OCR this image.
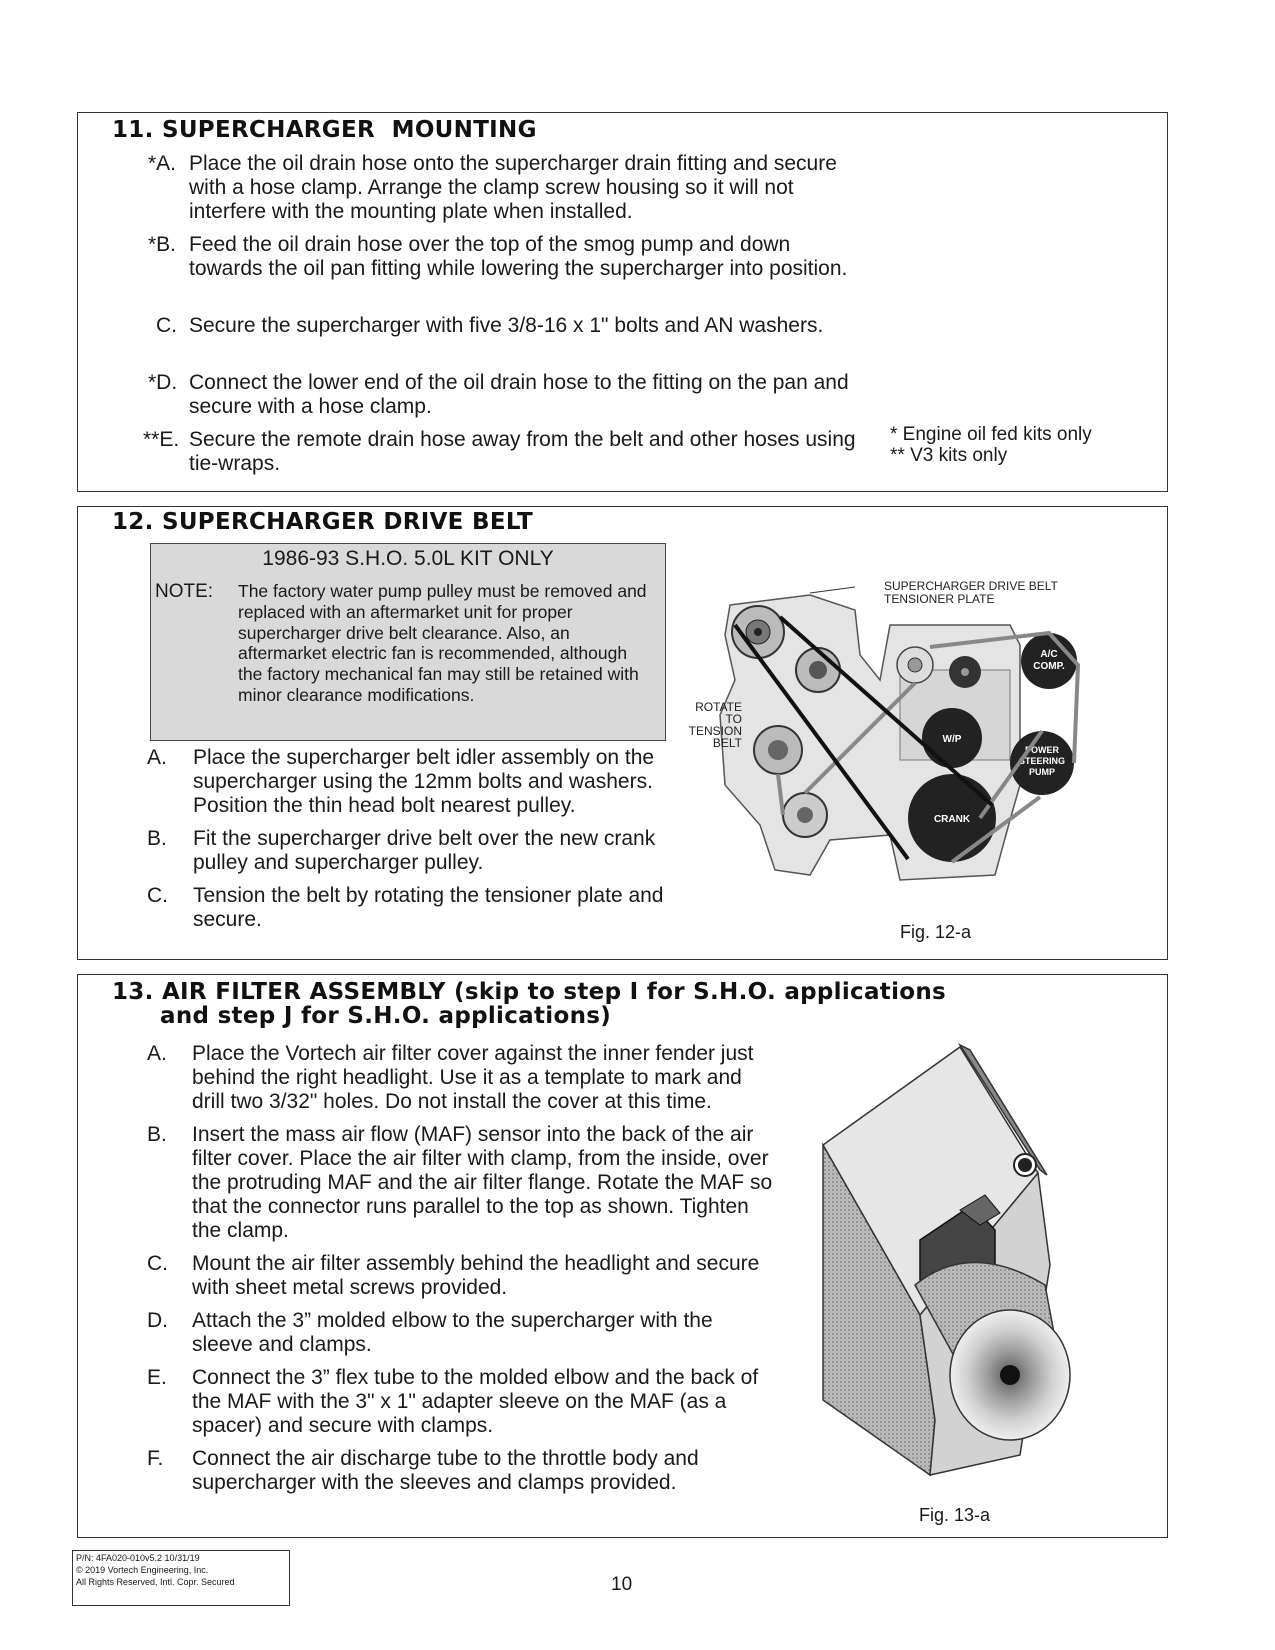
11. SUPERCHARGER  MOUNTING
*A. Place the oil drain hose onto the supercharger drain fitting and secure with a hose clamp. Arrange the clamp screw housing so it will not interfere with the mounting plate when installed.
*B. Feed the oil drain hose over the top of the smog pump and down towards the oil pan fitting while lowering the supercharger into position.
C. Secure the supercharger with five 3/8-16 x 1" bolts and AN washers.
*D. Connect the lower end of the oil drain hose to the fitting on the pan and secure with a hose clamp.
**E. Secure the remote drain hose away from the belt and other hoses using tie-wraps.
* Engine oil fed kits only
** V3 kits only
12. SUPERCHARGER DRIVE BELT
1986-93 S.H.O. 5.0L KIT ONLY
NOTE: The factory water pump pulley must be removed and replaced with an aftermarket unit for proper supercharger drive belt clearance. Also, an aftermarket electric fan is recommended, although the factory mechanical fan may still be retained with minor clearance modifications.
A. Place the supercharger belt idler assembly on the supercharger using the 12mm bolts and washers. Position the thin head bolt nearest pulley.
B. Fit the supercharger drive belt over the new crank pulley and supercharger pulley.
C. Tension the belt by rotating the tensioner plate and secure.
A/C
COMP.
W/P
POWER
STEERING
PUMP
CRANK
SUPERCHARGER DRIVE BELT
TENSIONER PLATE
ROTATE
TO
TENSION
BELT
Fig. 12-a
13. AIR FILTER ASSEMBLY (skip to step I for S.H.O. applications
and step J for S.H.O. applications)
A. Place the Vortech air filter cover against the inner fender just behind the right headlight. Use it as a template to mark and drill two 3/32" holes. Do not install the cover at this time.
B. Insert the mass air flow (MAF) sensor into the back of the air filter cover. Place the air filter with clamp, from the inside, over the protruding MAF and the air filter flange. Rotate the MAF so that the connector runs parallel to the top as shown. Tighten the clamp.
C. Mount the air filter assembly behind the headlight and secure with sheet metal screws provided.
D. Attach the 3” molded elbow to the supercharger with the sleeve and clamps.
E. Connect the 3” flex tube to the molded elbow and the back of the MAF with the 3" x 1" adapter sleeve on the MAF (as a spacer) and secure with clamps.
F. Connect the air discharge tube to the throttle body and supercharger with the sleeves and clamps provided.
Fig. 13-a
P/N: 4FA020-010v5.2 10/31/19
© 2019 Vortech Engineering, Inc.
All Rights Reserved, Intl. Copr. Secured	10
